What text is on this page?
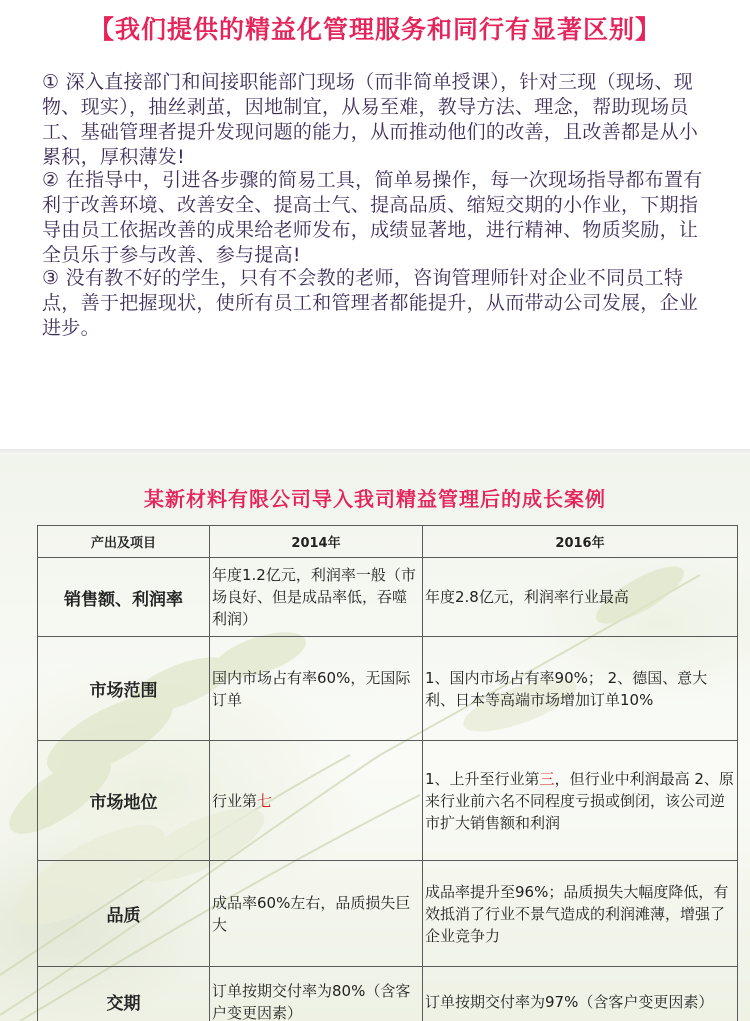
【我们提供的精益化管理服务和同行有显著区别】
① 深入直接部门和间接职能部门现场（而非简单授课），针对三现（现场、现物、现实），抽丝剥茧，因地制宜，从易至难，教导方法、理念，帮助现场员工、基础管理者提升发现问题的能力，从而推动他们的改善，且改善都是从小累积，厚积薄发!
② 在指导中，引进各步骤的简易工具，简单易操作，每一次现场指导都布置有利于改善环境、改善安全、提高士气、提高品质、缩短交期的小作业，下期指导由员工依据改善的成果给老师发布，成绩显著地，进行精神、物质奖励，让全员乐于参与改善、参与提高!
③ 没有教不好的学生，只有不会教的老师，咨询管理师针对企业不同员工特点，善于把握现状，使所有员工和管理者都能提升，从而带动公司发展，企业进步。
某新材料有限公司导入我司精益管理后的成长案例
产出及项目	2014年	2016年
销售额、利润率	年度1.2亿元，利润率一般（市场良好、但是成品率低，吞噬利润）	年度2.8亿元，利润率行业最高
市场范围	国内市场占有率60%，无国际订单	1、国内市场占有率90%； 2、德国、意大利、日本等高端市场增加订单10%
市场地位	行业第七	1、上升至行业第三，但行业中利润最高 2、原来行业前六名不同程度亏损或倒闭，该公司逆市扩大销售额和利润
品质	成品率60%左右，品质损失巨大	成品率提升至96%；品质损失大幅度降低，有效抵消了行业不景气造成的利润滩薄，增强了企业竞争力
交期	订单按期交付率为80%（含客户变更因素）	订单按期交付率为97%（含客户变更因素）
